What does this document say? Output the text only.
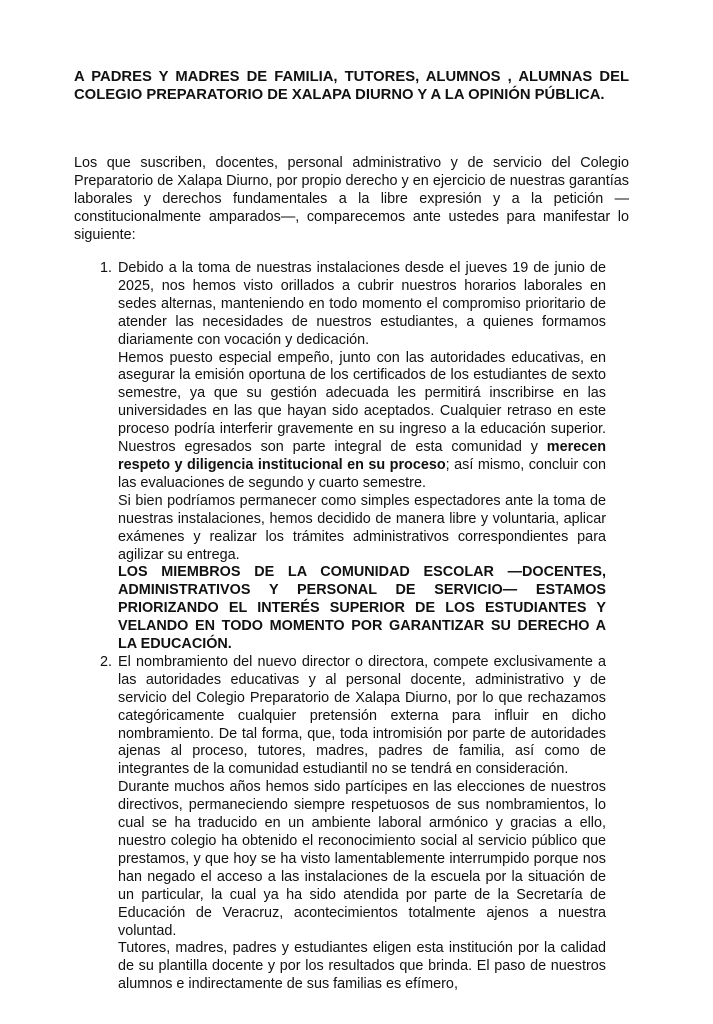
A PADRES Y MADRES DE FAMILIA, TUTORES, ALUMNOS , ALUMNAS DEL COLEGIO PREPARATORIO DE XALAPA DIURNO Y A LA OPINIÓN PÚBLICA.
Los que suscriben, docentes, personal administrativo y de servicio del Colegio Preparatorio de Xalapa Diurno, por propio derecho y en ejercicio de nuestras garantías laborales y derechos fundamentales a la libre expresión y a la petición —constitucionalmente amparados—, comparecemos ante ustedes para manifestar lo siguiente:
1. Debido a la toma de nuestras instalaciones desde el jueves 19 de junio de 2025, nos hemos visto orillados a cubrir nuestros horarios laborales en sedes alternas, manteniendo en todo momento el compromiso prioritario de atender las necesidades de nuestros estudiantes, a quienes formamos diariamente con vocación y dedicación.

Hemos puesto especial empeño, junto con las autoridades educativas, en asegurar la emisión oportuna de los certificados de los estudiantes de sexto semestre, ya que su gestión adecuada les permitirá inscribirse en las universidades en las que hayan sido aceptados. Cualquier retraso en este proceso podría interferir gravemente en su ingreso a la educación superior. Nuestros egresados son parte integral de esta comunidad y merecen respeto y diligencia institucional en su proceso; así mismo, concluir con las evaluaciones de segundo y cuarto semestre.

Si bien podríamos permanecer como simples espectadores ante la toma de nuestras instalaciones, hemos decidido de manera libre y voluntaria, aplicar exámenes y realizar los trámites administrativos correspondientes para agilizar su entrega.

LOS MIEMBROS DE LA COMUNIDAD ESCOLAR —DOCENTES, ADMINISTRATIVOS Y PERSONAL DE SERVICIO— ESTAMOS PRIORIZANDO EL INTERÉS SUPERIOR DE LOS ESTUDIANTES Y VELANDO EN TODO MOMENTO POR GARANTIZAR SU DERECHO A LA EDUCACIÓN.

2. El nombramiento del nuevo director o directora, compete exclusivamente a las autoridades educativas y al personal docente, administrativo y de servicio del Colegio Preparatorio de Xalapa Diurno, por lo que rechazamos categóricamente cualquier pretensión externa para influir en dicho nombramiento. De tal forma, que, toda intromisión por parte de autoridades ajenas al proceso, tutores, madres, padres de familia, así como de integrantes de la comunidad estudiantil no se tendrá en consideración.

Durante muchos años hemos sido partícipes en las elecciones de nuestros directivos, permaneciendo siempre respetuosos de sus nombramientos, lo cual se ha traducido en un ambiente laboral armónico y gracias a ello, nuestro colegio ha obtenido el reconocimiento social al servicio público que prestamos, y que hoy se ha visto lamentablemente interrumpido porque nos han negado el acceso a las instalaciones de la escuela por la situación de un particular, la cual ya ha sido atendida por parte de la Secretaría de Educación de Veracruz, acontecimientos totalmente ajenos a nuestra voluntad.

Tutores, madres, padres y estudiantes eligen esta institución por la calidad de su plantilla docente y por los resultados que brinda. El paso de nuestros alumnos e indirectamente de sus familias es efímero,
